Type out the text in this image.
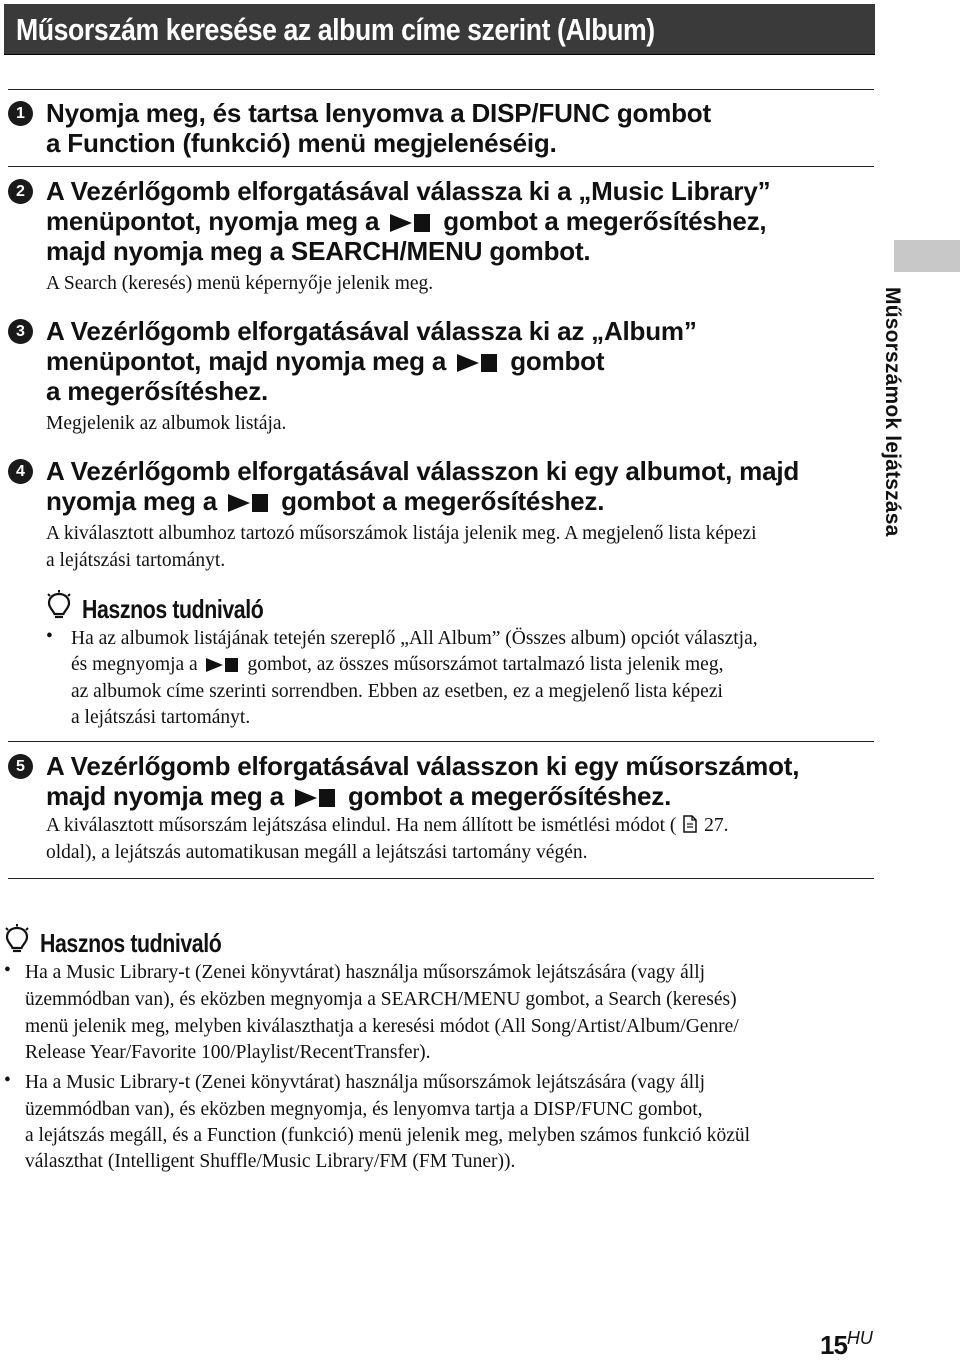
Műsorszám keresése az album címe szerint (Album)
1 Nyomja meg, és tartsa lenyomva a DISP/FUNC gombot
a Function (funkció) menü megjelenéséig.
2 A Vezérlőgomb elforgatásával válassza ki a „Music Library”
menüpontot, nyomja meg a gombot a megerősítéshez,
majd nyomja meg a SEARCH/MENU gombot.
A Search (keresés) menü képernyője jelenik meg.
3 A Vezérlőgomb elforgatásával válassza ki az „Album”
menüpontot, majd nyomja meg a gombot
a megerősítéshez.
Megjelenik az albumok listája.
4 A Vezérlőgomb elforgatásával válasszon ki egy albumot, majd
nyomja meg a gombot a megerősítéshez.
A kiválasztott albumhoz tartozó műsorszámok listája jelenik meg. A megjelenő lista képezi
a lejátszási tartományt.
Hasznos tudnivaló
• Ha az albumok listájának tetején szereplő „All Album” (Összes album) opciót választja,
és megnyomja a	gombot, az összes műsorszámot tartalmazó lista jelenik meg,
az albumok címe szerinti sorrendben. Ebben az esetben, ez a megjelenő lista képezi
a lejátszási tartományt.
5 A Vezérlőgomb elforgatásával válasszon ki egy műsorszámot,
majd nyomja meg a gombot a megerősítéshez.
A kiválasztott műsorszám lejátszása elindul. Ha nem állított be ismétlési módot ( 27.
oldal), a lejátszás automatikusan megáll a lejátszási tartomány végén.
Hasznos tudnivaló
• Ha a Music Library-t (Zenei könyvtárat) használja műsorszámok lejátszására (vagy állj
üzemmódban van), és eközben megnyomja a SEARCH/MENU gombot, a Search (keresés)
menü jelenik meg, melyben kiválaszthatja a keresési módot (All Song/Artist/Album/Genre/
Release Year/Favorite 100/Playlist/RecentTransfer).
• Ha a Music Library-t (Zenei könyvtárat) használja műsorszámok lejátszására (vagy állj
üzemmódban van), és eközben megnyomja, és lenyomva tartja a DISP/FUNC gombot,
a lejátszás megáll, és a Function (funkció) menü jelenik meg, melyben számos funkció közül
választhat (Intelligent Shuffle/Music Library/FM (FM Tuner)).
Műsorszámok lejátszása
15HU
